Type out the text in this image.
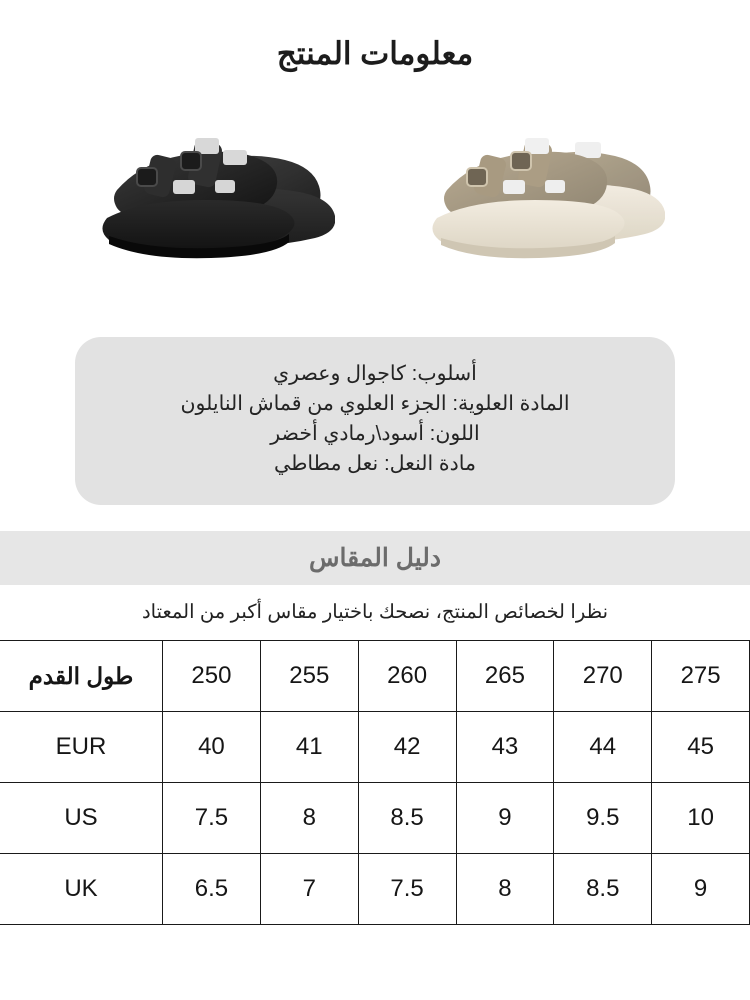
معلومات المنتج
أسلوب: كاجوال وعصري
المادة العلوية: الجزء العلوي من قماش النايلون
اللون: أسود\رمادي أخضر
مادة النعل: نعل مطاطي
دليل المقاس
نظرا لخصائص المنتج، نصحك باختيار مقاس أكبر من المعتاد
275	270	265	260	255	250	طول القدم
45	44	43	42	41	40	EUR
10	9.5	9	8.5	8	7.5	US
9	8.5	8	7.5	7	6.5	UK
